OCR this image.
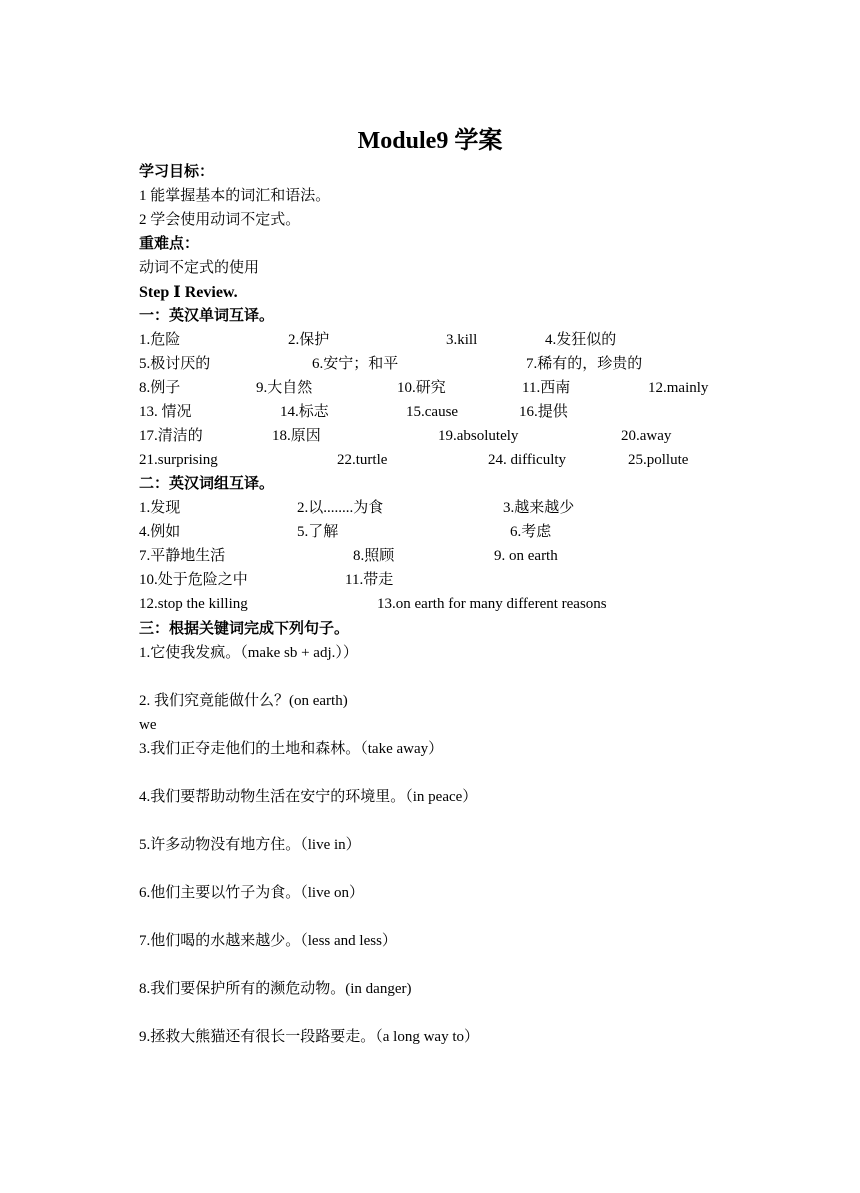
Module9 学案
学习目标：
1 能掌握基本的词汇和语法。
2 学会使用动词不定式。
重难点：
动词不定式的使用
Step Ⅰ Review.
一：英汉单词互译。
1.危险	2.保护	3.kill	4.发狂似的
5.极讨厌的	6.安宁；和平	7.稀有的，珍贵的
8.例子	9.大自然	10.研究	11.西南	12.mainly
13. 情况	14.标志	15.cause	16.提供
17.清洁的	18.原因	19.absolutely	20.away
21.surprising	22.turtle	24. difficulty	25.pollute
二：英汉词组互译。
1.发现	2.以........为食	3.越来越少
4.例如	5.了解	6.考虑
7.平静地生活	8.照顾	9. on earth
10.处于危险之中	11.带走
12.stop the killing	13.on earth for many different reasons
三：根据关键词完成下列句子。
1.它使我发疯。（make sb + adj.））
2. 我们究竟能做什么？(on earth)
we
3.我们正夺走他们的土地和森林。（take away）
4.我们要帮助动物生活在安宁的环境里。（in peace）
5.许多动物没有地方住。（live in）
6.他们主要以竹子为食。（live on）
7.他们喝的水越来越少。（less and less）
8.我们要保护所有的濒危动物。(in danger)
9.拯救大熊猫还有很长一段路要走。（a long way to）
